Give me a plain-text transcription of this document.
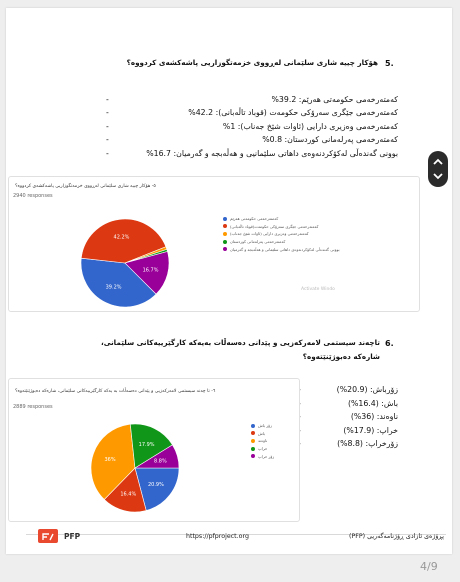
5.
هۆکار چییە شاری سلێمانی لەڕووی خزمەتگوزاریی پاشەکشەی کردووە؟
-	کەمتەرخەمی حکومەتی هەرێم: 39.2%
-	کەمتەرخەمی جێگری سەرۆکی حکومەت (قوباد تاڵەبانی): 42.2%
-	کەمتەرخەمی وەزیری دارایی (ئاوات شێخ جەناب): 1%
-	کەمتەرخەمی پەرلەمانی کوردستان: 0.8%
-	بوونی گەندەڵی لەکۆکردنەوەی داهاتی سلێمانیی و هەڵەبجە و گەرمیان: 16.7%
٥- هۆکار چییە شاری سلێمانی لەڕووی خزمەتگوزاریی پاشەکشەی کردووە؟
2940 responses
39.2%
42.2%
16.7%
کەمتەرخەمی حکومەتی هەرێم
کەمتەرخەمی جێگری سەرۆکی حکومەت(قوباد تاڵەبانی)
کەمتەرخەمی وەزیری دارایی (ئاوات شێخ جەناب)
کەمتەرخەمی پەرلەمانی کوردستان
بوونی گەندەڵی لەکۆکردنەوەی داهاتی سلێمانی و هەڵەبجە و گەرمیان
Activate Windo
6.
تاچەند سیستمی لامەرکەزیی و پێدانی دەسەڵات بەیەکە کارگێرییەکانی سلێمانی،
شارەکە دەبوژێنێتەوە؟
زۆرباش: (20.9%)
باش: (16.4%)
ناوەند: (36%)
خراپ: (17.9%)
زۆرخراپ: (8.8%)
٦- تا چەند سیستمی لامەرکەزیی و پێدانی دەسەڵات بە یەکە کارگێرییەکانی سلێمانی، شارەکە دەبوژێنێتەوە؟
2889 responses
20.9%
16.4%
36%
17.9%
8.8%
زۆر باش
باش
ناوەند
خراپ
زۆر خراپ
PFP	https://pfproject.org	پڕۆژەی ئازادی ڕۆژنامەگەریی (PFP)
4/9
